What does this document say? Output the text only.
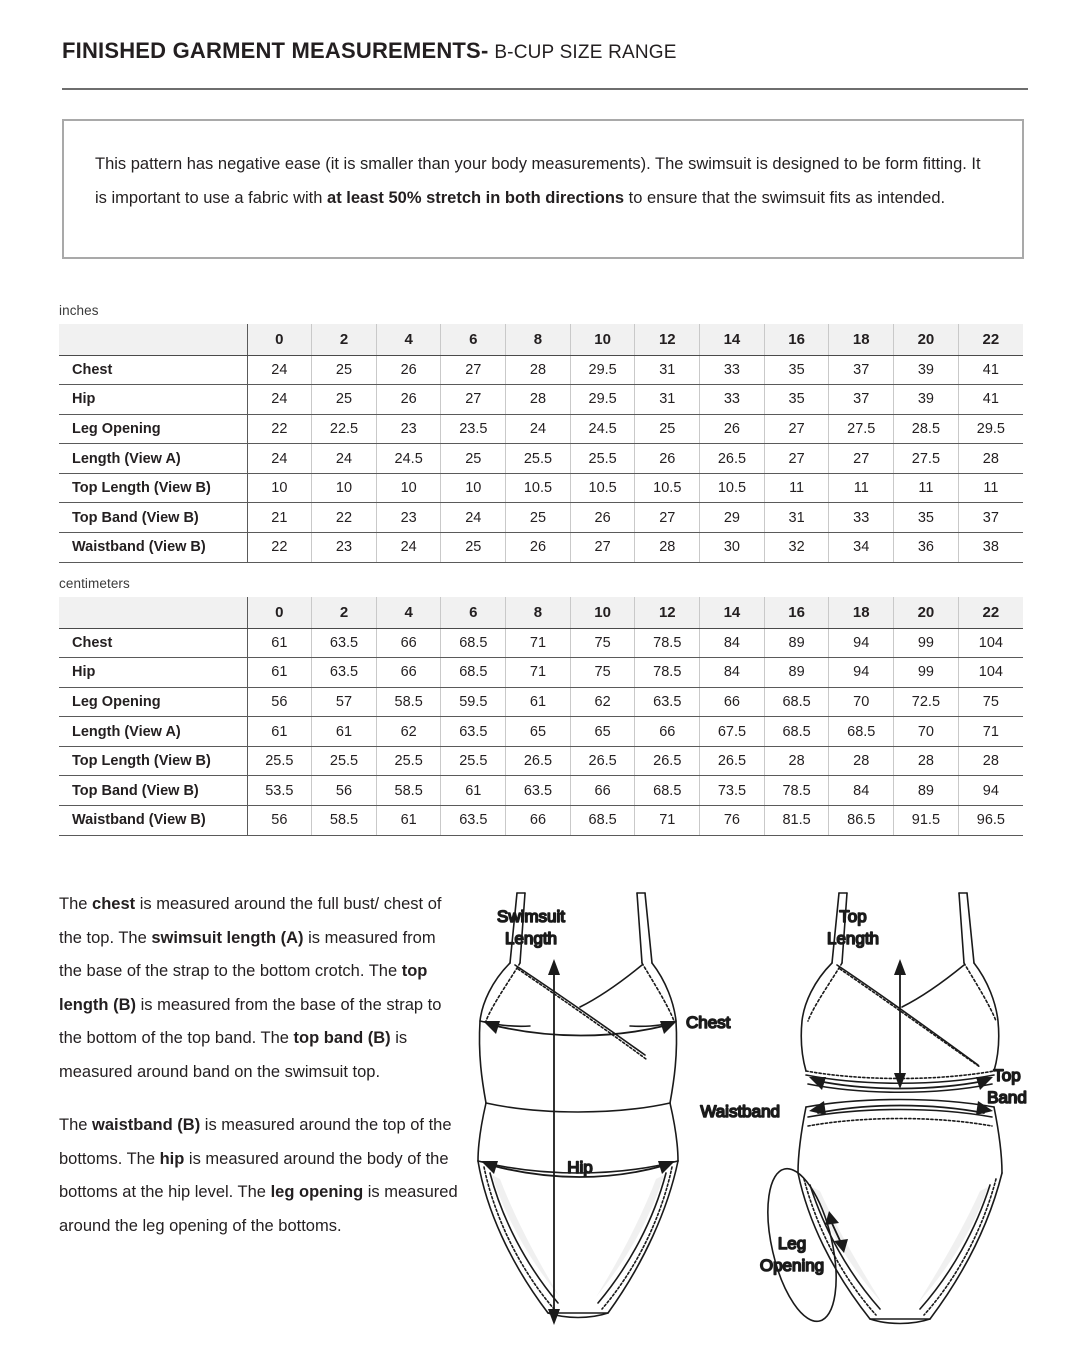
FINISHED GARMENT MEASUREMENTS- B-CUP SIZE RANGE
This pattern has negative ease (it is smaller than your body measurements). The swimsuit is designed to be form fitting. It is important to use a fabric with at least 50% stretch in both directions to ensure that the swimsuit fits as intended.
inches
	0	2	4	6	8	10	12	14	16	18	20	22
Chest	24	25	26	27	28	29.5	31	33	35	37	39	41
Hip	24	25	26	27	28	29.5	31	33	35	37	39	41
Leg Opening	22	22.5	23	23.5	24	24.5	25	26	27	27.5	28.5	29.5
Length (View A)	24	24	24.5	25	25.5	25.5	26	26.5	27	27	27.5	28
Top Length (View B)	10	10	10	10	10.5	10.5	10.5	10.5	11	11	11	11
Top Band (View B)	21	22	23	24	25	26	27	29	31	33	35	37
Waistband (View B)	22	23	24	25	26	27	28	30	32	34	36	38
centimeters
	0	2	4	6	8	10	12	14	16	18	20	22
Chest	61	63.5	66	68.5	71	75	78.5	84	89	94	99	104
Hip	61	63.5	66	68.5	71	75	78.5	84	89	94	99	104
Leg Opening	56	57	58.5	59.5	61	62	63.5	66	68.5	70	72.5	75
Length (View A)	61	61	62	63.5	65	65	66	67.5	68.5	68.5	70	71
Top Length (View B)	25.5	25.5	25.5	25.5	26.5	26.5	26.5	26.5	28	28	28	28
Top Band (View B)	53.5	56	58.5	61	63.5	66	68.5	73.5	78.5	84	89	94
Waistband (View B)	56	58.5	61	63.5	66	68.5	71	76	81.5	86.5	91.5	96.5

The chest is measured around the full bust/ chest of the top. The swimsuit length (A) is measured from the base of the strap to the bottom crotch. The top length (B) is measured from the base of the strap to the bottom of the top band. The top band (B) is measured around band on the swimsuit top.

The waistband (B) is measured around the top of the bottoms. The hip is measured around the body of the bottoms at the hip level. The leg opening is measured around the leg opening of the bottoms.

Swimsuit
Length
Chest
Hip
Top
Length
Top
Band
Waistband
Leg
Opening
